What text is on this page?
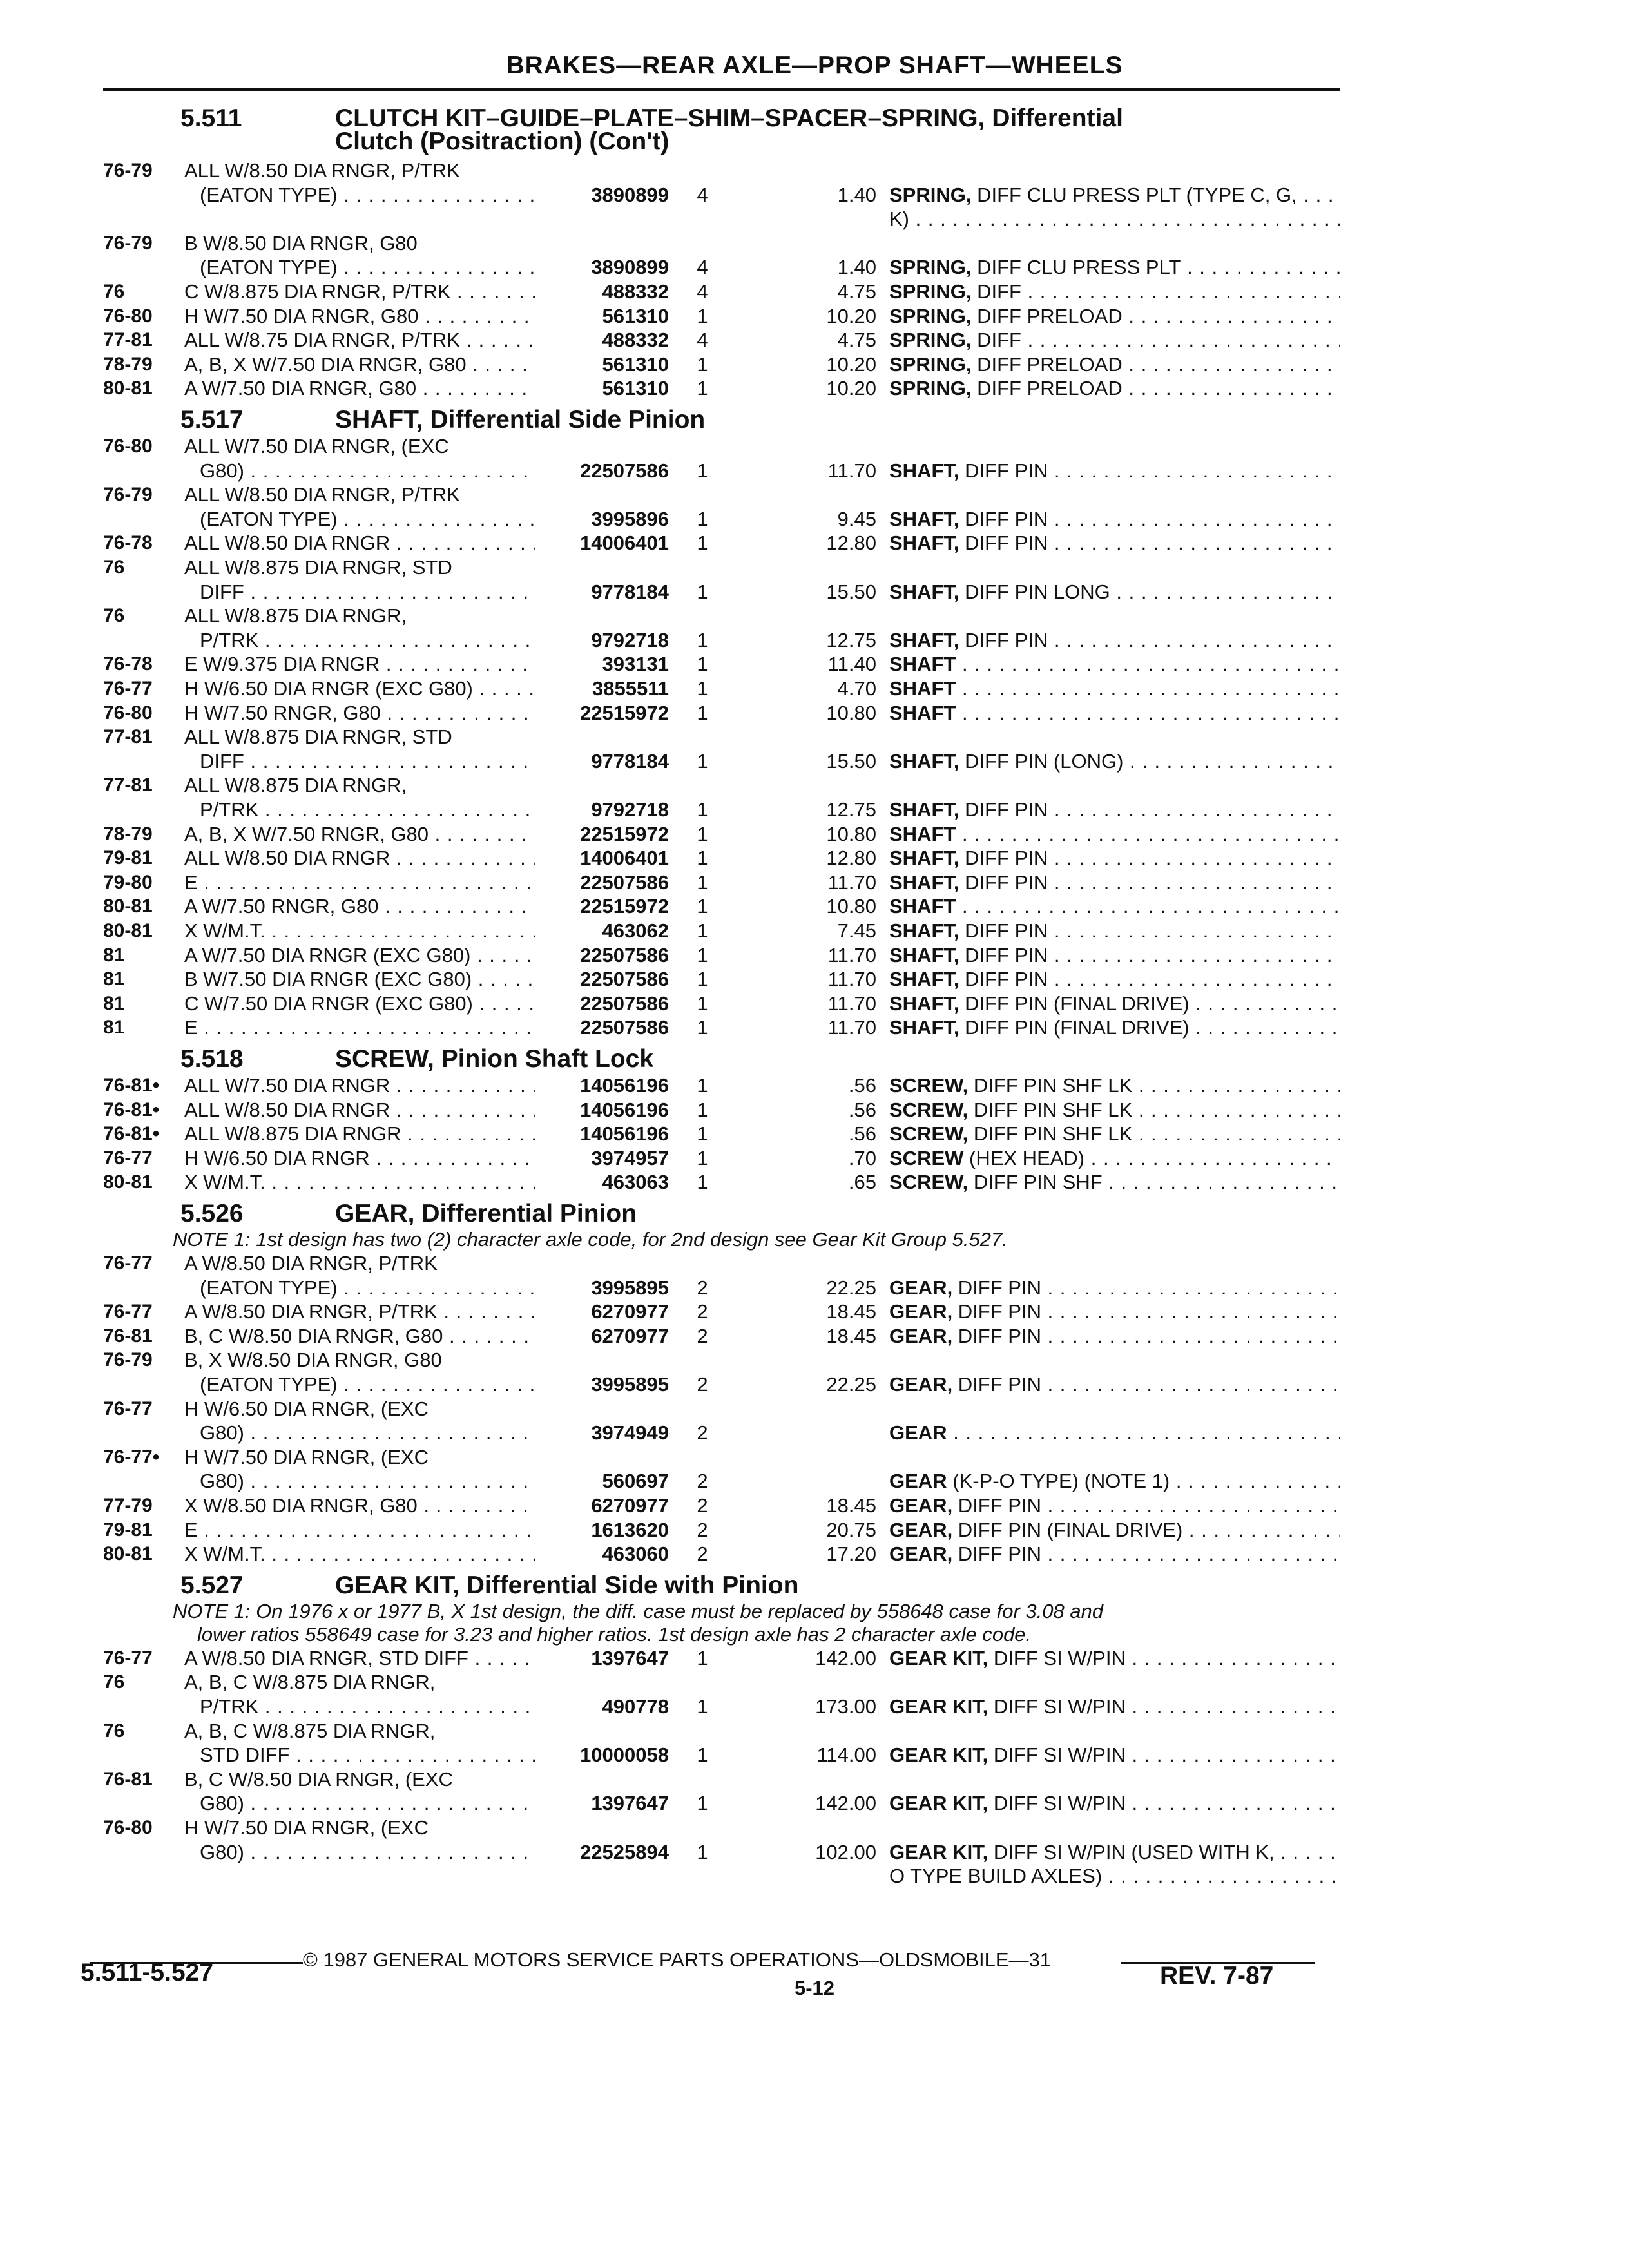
BRAKES—REAR AXLE—PROP SHAFT—WHEELS
5.511	CLUTCH KIT–GUIDE–PLATE–SHIM–SPACER–SPRING, Differential
Clutch (Positraction) (Con't)
76-79	ALL W/8.50 DIA RNGR, P/TRK
(EATON TYPE) . . .	3890899	4	1.40 SPRING, DIFF CLU PRESS PLT (TYPE C, G, . . .
K) . . .
76-79	B W/8.50 DIA RNGR, G80
(EATON TYPE) . . .	3890899	4	1.40 SPRING, DIFF CLU PRESS PLT . . .
76	C W/8.875 DIA RNGR, P/TRK . . .	488332	4	4.75 SPRING, DIFF . . .
76-80	H W/7.50 DIA RNGR, G80 . . .	561310	1	10.20 SPRING, DIFF PRELOAD . . .
77-81	ALL W/8.75 DIA RNGR, P/TRK . . .	488332	4	4.75 SPRING, DIFF . . .
78-79	A, B, X W/7.50 DIA RNGR, G80 . . .	561310	1	10.20 SPRING, DIFF PRELOAD . . .
80-81	A W/7.50 DIA RNGR, G80 . . .	561310	1	10.20 SPRING, DIFF PRELOAD . . .
5.517	SHAFT, Differential Side Pinion
76-80	ALL W/7.50 DIA RNGR, (EXC
G80) . . .	22507586	1	11.70 SHAFT, DIFF PIN . . .
76-79	ALL W/8.50 DIA RNGR, P/TRK
(EATON TYPE) . . .	3995896	1	9.45 SHAFT, DIFF PIN . . .
76-78	ALL W/8.50 DIA RNGR . . .	14006401	1	12.80 SHAFT, DIFF PIN . . .
76	ALL W/8.875 DIA RNGR, STD
DIFF . . .	9778184	1	15.50 SHAFT, DIFF PIN LONG . . .
76	ALL W/8.875 DIA RNGR,
P/TRK . . .	9792718	1	12.75 SHAFT, DIFF PIN . . .
76-78	E W/9.375 DIA RNGR . . .	393131	1	11.40 SHAFT . . .
76-77	H W/6.50 DIA RNGR (EXC G80) . . .	3855511	1	4.70 SHAFT . . .
76-80	H W/7.50 RNGR, G80 . . .	22515972	1	10.80 SHAFT . . .
77-81	ALL W/8.875 DIA RNGR, STD
DIFF . . .	9778184	1	15.50 SHAFT, DIFF PIN (LONG) . . .
77-81	ALL W/8.875 DIA RNGR,
P/TRK . . .	9792718	1	12.75 SHAFT, DIFF PIN . . .
78-79	A, B, X W/7.50 RNGR, G80 . . .	22515972	1	10.80 SHAFT . . .
79-81	ALL W/8.50 DIA RNGR . . .	14006401	1	12.80 SHAFT, DIFF PIN . . .
79-80	E . . .	22507586	1	11.70 SHAFT, DIFF PIN . . .
80-81	A W/7.50 RNGR, G80 . . .	22515972	1	10.80 SHAFT . . .
80-81	X W/M.T. . . .	463062	1	7.45 SHAFT, DIFF PIN . . .
81	A W/7.50 DIA RNGR (EXC G80) . . .	22507586	1	11.70 SHAFT, DIFF PIN . . .
81	B W/7.50 DIA RNGR (EXC G80) . . .	22507586	1	11.70 SHAFT, DIFF PIN . . .
81	C W/7.50 DIA RNGR (EXC G80) . . .	22507586	1	11.70 SHAFT, DIFF PIN (FINAL DRIVE) . . .
81	E . . .	22507586	1	11.70 SHAFT, DIFF PIN (FINAL DRIVE) . . .
5.518	SCREW, Pinion Shaft Lock
76-81•	ALL W/7.50 DIA RNGR . . .	14056196	1	.56 SCREW, DIFF PIN SHF LK . . .
76-81•	ALL W/8.50 DIA RNGR . . .	14056196	1	.56 SCREW, DIFF PIN SHF LK . . .
76-81•	ALL W/8.875 DIA RNGR . . .	14056196	1	.56 SCREW, DIFF PIN SHF LK . . .
76-77	H W/6.50 DIA RNGR . . .	3974957	1	.70 SCREW (HEX HEAD) . . .
80-81	X W/M.T. . . .	463063	1	.65 SCREW, DIFF PIN SHF . . .
5.526	GEAR, Differential Pinion
NOTE 1: 1st design has two (2) character axle code, for 2nd design see Gear Kit Group 5.527.
76-77	A W/8.50 DIA RNGR, P/TRK
(EATON TYPE) . . .	3995895	2	22.25 GEAR, DIFF PIN . . .
76-77	A W/8.50 DIA RNGR, P/TRK . . .	6270977	2	18.45 GEAR, DIFF PIN . . .
76-81	B, C W/8.50 DIA RNGR, G80 . . .	6270977	2	18.45 GEAR, DIFF PIN . . .
76-79	B, X W/8.50 DIA RNGR, G80
(EATON TYPE) . . .	3995895	2	22.25 GEAR, DIFF PIN . . .
76-77	H W/6.50 DIA RNGR, (EXC
G80) . . .	3974949	2	GEAR . . .
76-77•	H W/7.50 DIA RNGR, (EXC
G80) . . .	560697	2	GEAR (K-P-O TYPE) (NOTE 1) . . .
77-79	X W/8.50 DIA RNGR, G80 . . .	6270977	2	18.45 GEAR, DIFF PIN . . .
79-81	E . . .	1613620	2	20.75 GEAR, DIFF PIN (FINAL DRIVE) . . .
80-81	X W/M.T. . . .	463060	2	17.20 GEAR, DIFF PIN . . .
5.527	GEAR KIT, Differential Side with Pinion
NOTE 1: On 1976 x or 1977 B, X 1st design, the diff. case must be replaced by 558648 case for 3.08 and
lower ratios 558649 case for 3.23 and higher ratios. 1st design axle has 2 character axle code.
76-77	A W/8.50 DIA RNGR, STD DIFF . . .	1397647	1	142.00 GEAR KIT, DIFF SI W/PIN . . .
76	A, B, C W/8.875 DIA RNGR,
P/TRK . . .	490778	1	173.00 GEAR KIT, DIFF SI W/PIN . . .
76	A, B, C W/8.875 DIA RNGR,
STD DIFF . . .	10000058	1	114.00 GEAR KIT, DIFF SI W/PIN . . .
76-81	B, C W/8.50 DIA RNGR, (EXC
G80) . . .	1397647	1	142.00 GEAR KIT, DIFF SI W/PIN . . .
76-80	H W/7.50 DIA RNGR, (EXC
G80) . . .	22525894	1	102.00 GEAR KIT, DIFF SI W/PIN (USED WITH K, . . .
O TYPE BUILD AXLES) . . .
© 1987 GENERAL MOTORS SERVICE PARTS OPERATIONS—OLDSMOBILE—31
5.511-5.527
5-12	REV. 7-87
